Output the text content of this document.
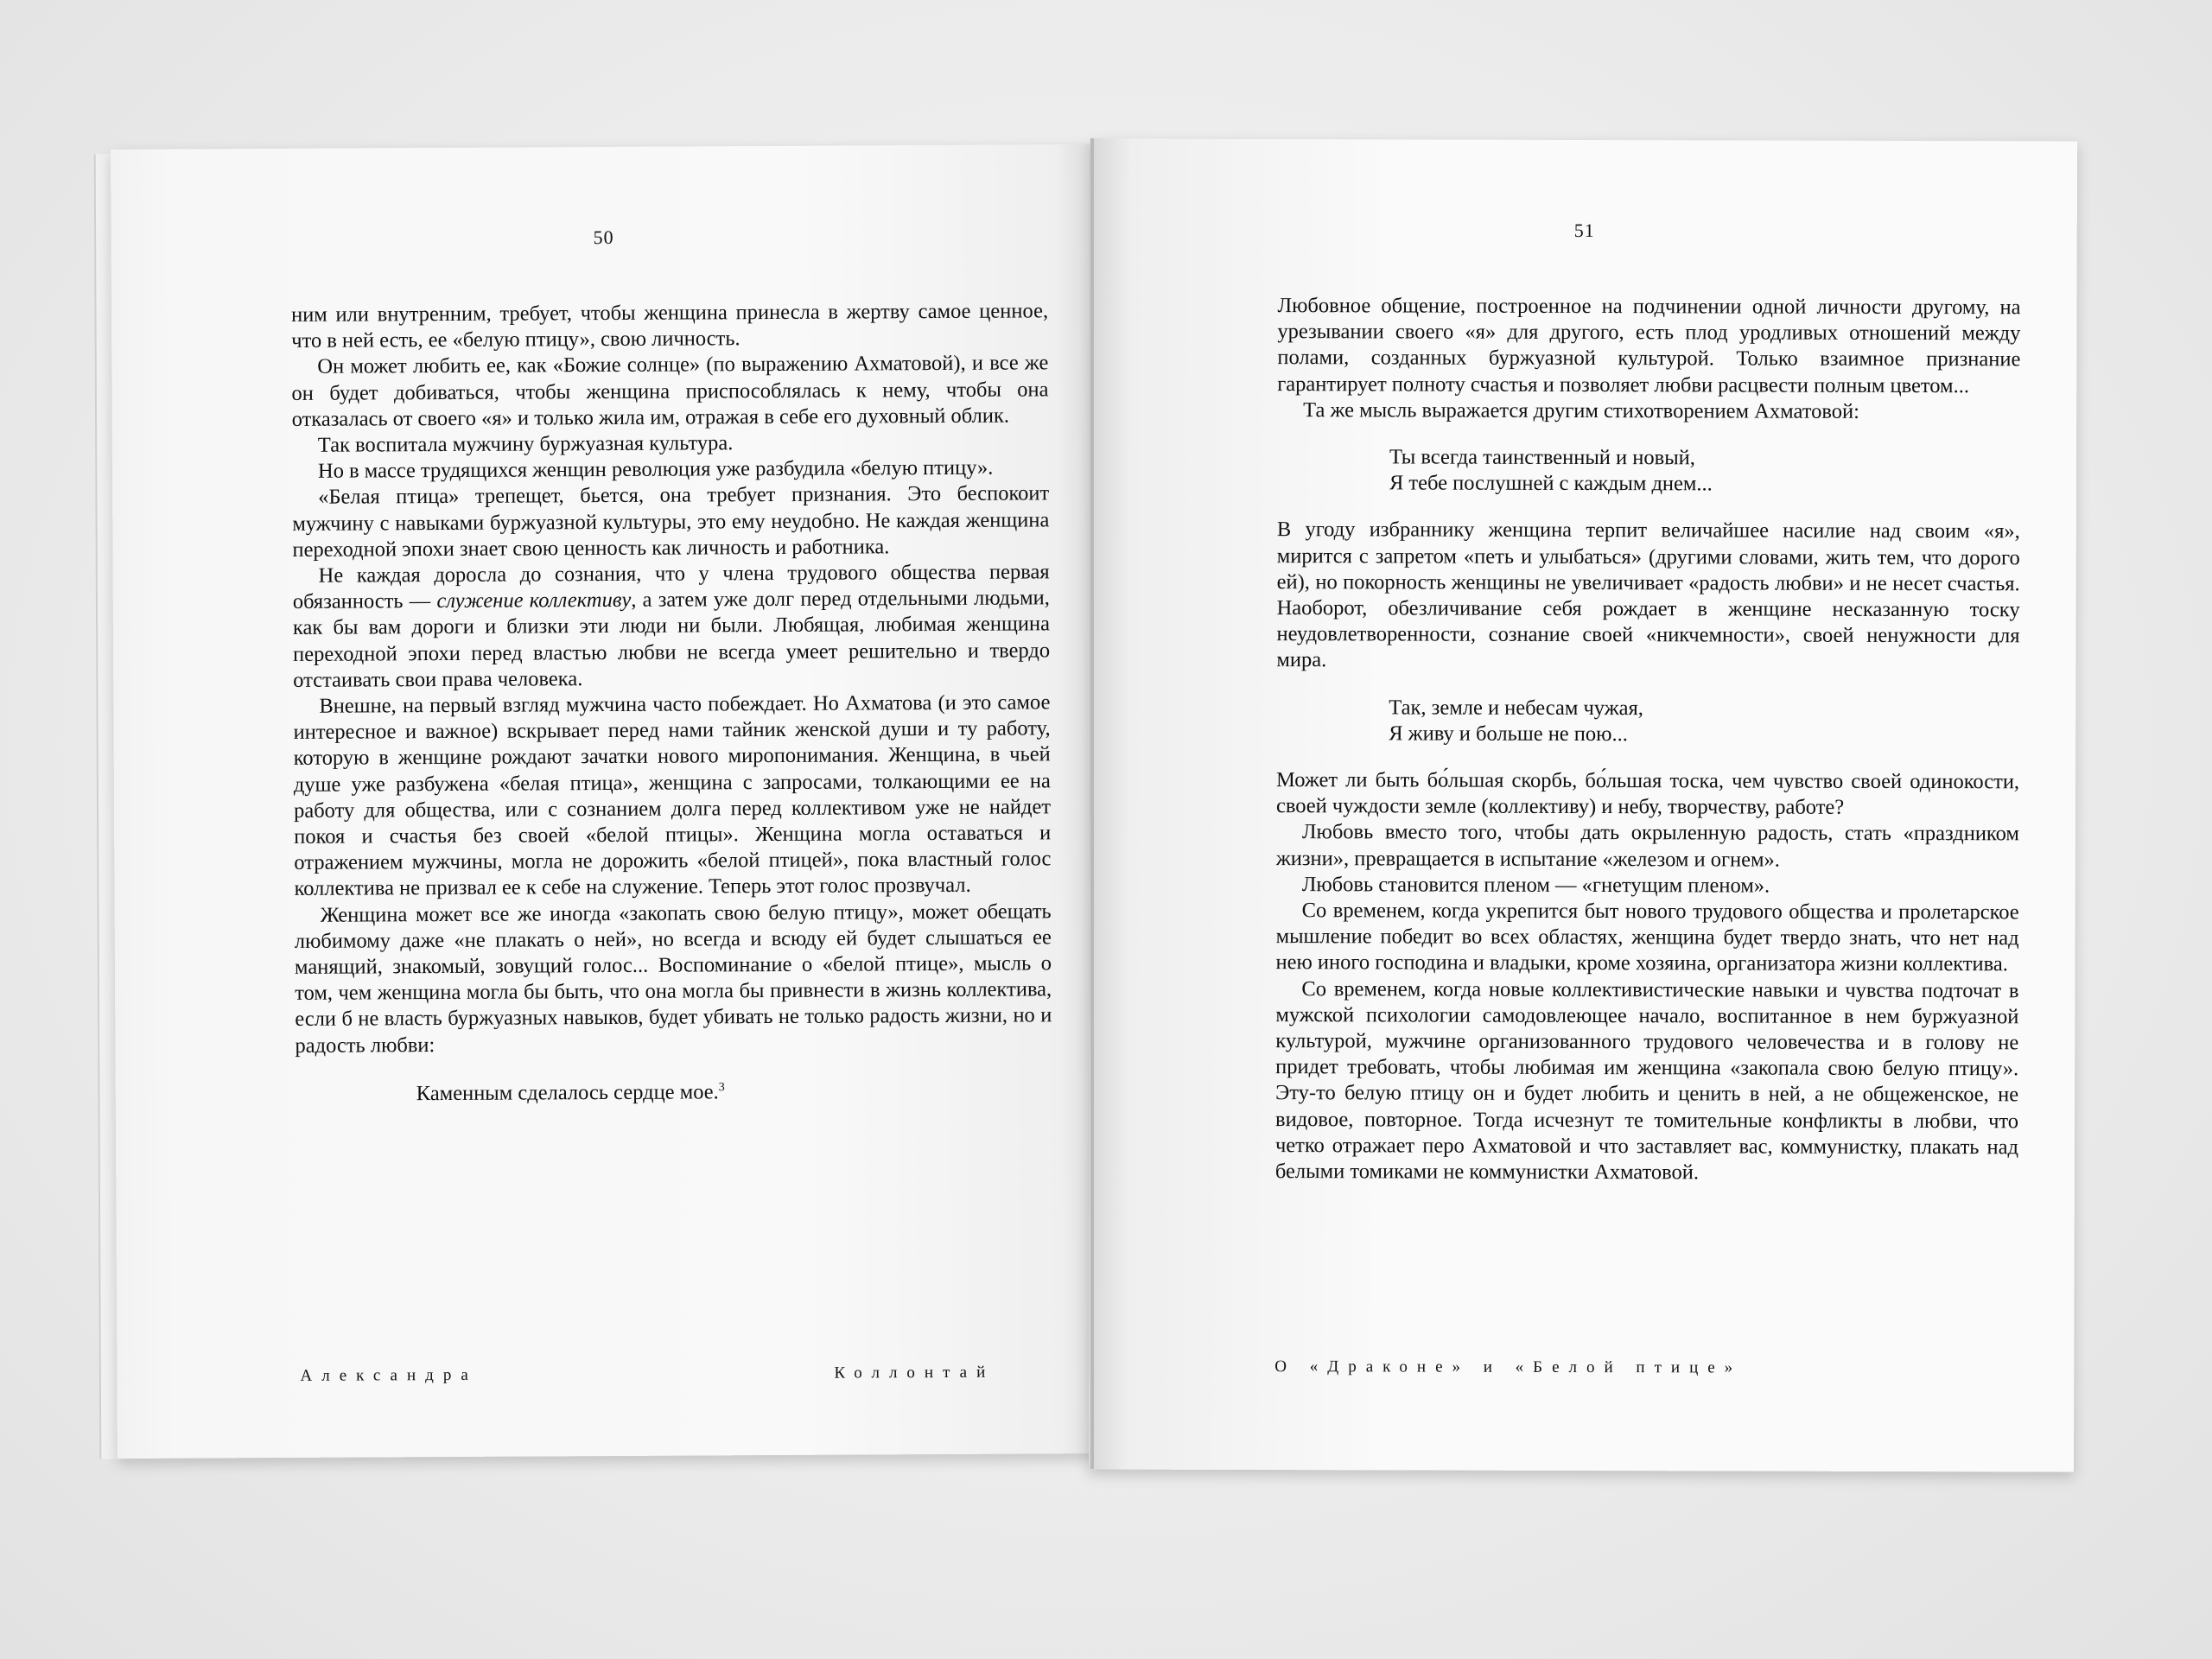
50

ним или внутренним, требует, чтобы женщина принесла в жертву самое ценное, что в ней есть, ее «белую птицу», свою личность.

Он может любить ее, как «Божие солнце» (по выражению Ахматовой), и все же он будет добиваться, чтобы женщина приспособлялась к нему, чтобы она отказалась от своего «я» и только жила им, отражая в себе его духовный облик.

Так воспитала мужчину буржуазная культура.

Но в массе трудящихся женщин революция уже разбудила «белую птицу».

«Белая птица» трепещет, бьется, она требует признания. Это беспокоит мужчину с навыками буржуазной культуры, это ему неудобно. Не каждая женщина переходной эпохи знает свою ценность как личность и работника.

Не каждая доросла до сознания, что у члена трудового общества первая обязанность — служение коллективу, а затем уже долг перед отдельными людьми, как бы вам дороги и близки эти люди ни были. Любящая, любимая женщина переходной эпохи перед властью любви не всегда умеет решительно и твердо отстаивать свои права человека.

Внешне, на первый взгляд мужчина часто побеждает. Но Ахматова (и это самое интересное и важное) вскрывает перед нами тайник женской души и ту работу, которую в женщине рождают зачатки нового миропонимания. Женщина, в чьей душе уже разбужена «белая птица», женщина с запросами, толкающими ее на работу для общества, или с сознанием долга перед коллективом уже не найдет покоя и счастья без своей «белой птицы». Женщина могла оставаться и отражением мужчины, могла не дорожить «белой птицей», пока властный голос коллектива не призвал ее к себе на служение. Теперь этот голос прозвучал.

Женщина может все же иногда «закопать свою белую птицу», может обещать любимому даже «не плакать о ней», но всегда и всюду ей будет слышаться ее манящий, знакомый, зовущий голос... Воспоминание о «белой птице», мысль о том, чем женщина могла бы быть, что она могла бы привнести в жизнь коллектива, если б не власть буржуазных навыков, будет убивать не только радость жизни, но и радость любви:

Каменным сделалось сердце мое.$^3$
Александра	Коллонтай
51

Любовное общение, построенное на подчинении одной личности другому, на урезывании своего «я» для другого, есть плод уродливых отношений между полами, созданных буржуазной культурой. Только взаимное признание гарантирует полноту счастья и позволяет любви расцвести полным цветом...

Та же мысль выражается другим стихотворением Ахматовой:

Ты всегда таинственный и новый,
Я тебе послушней с каждым днем...

В угоду избраннику женщина терпит величайшее насилие над своим «я», мирится с запретом «петь и улыбаться» (другими словами, жить тем, что дорого ей), но покорность женщины не увеличивает «радость любви» и не несет счастья. Наоборот, обезличивание себя рождает в женщине несказанную тоску неудовлетворенности, сознание своей «никчемности», своей ненужности для мира.

Так, земле и небесам чужая,
Я живу и больше не пою...

Может ли быть бо́льшая скорбь, бо́льшая тоска, чем чувство своей одинокости, своей чуждости земле (коллективу) и небу, творчеству, работе?

Любовь вместо того, чтобы дать окрыленную радость, стать «праздником жизни», превращается в испытание «железом и огнем».

Любовь становится пленом — «гнетущим пленом».

Со временем, когда укрепится быт нового трудового общества и пролетарское мышление победит во всех областях, женщина будет твердо знать, что нет над нею иного господина и владыки, кроме хозяина, организатора жизни коллектива.

Со временем, когда новые коллективистические навыки и чувства подточат в мужской психологии самодовлеющее начало, воспитанное в нем буржуазной культурой, мужчине организованного трудового человечества и в голову не придет требовать, чтобы любимая им женщина «закопала свою белую птицу». Эту-то белую птицу он и будет любить и ценить в ней, а не общеженское, не видовое, повторное. Тогда исчезнут те томительные конфликты в любви, что четко отражает перо Ахматовой и что заставляет вас, коммунистку, плакать над белыми томиками не коммунистки Ахматовой.

О «Драконе» и «Белой птице»
